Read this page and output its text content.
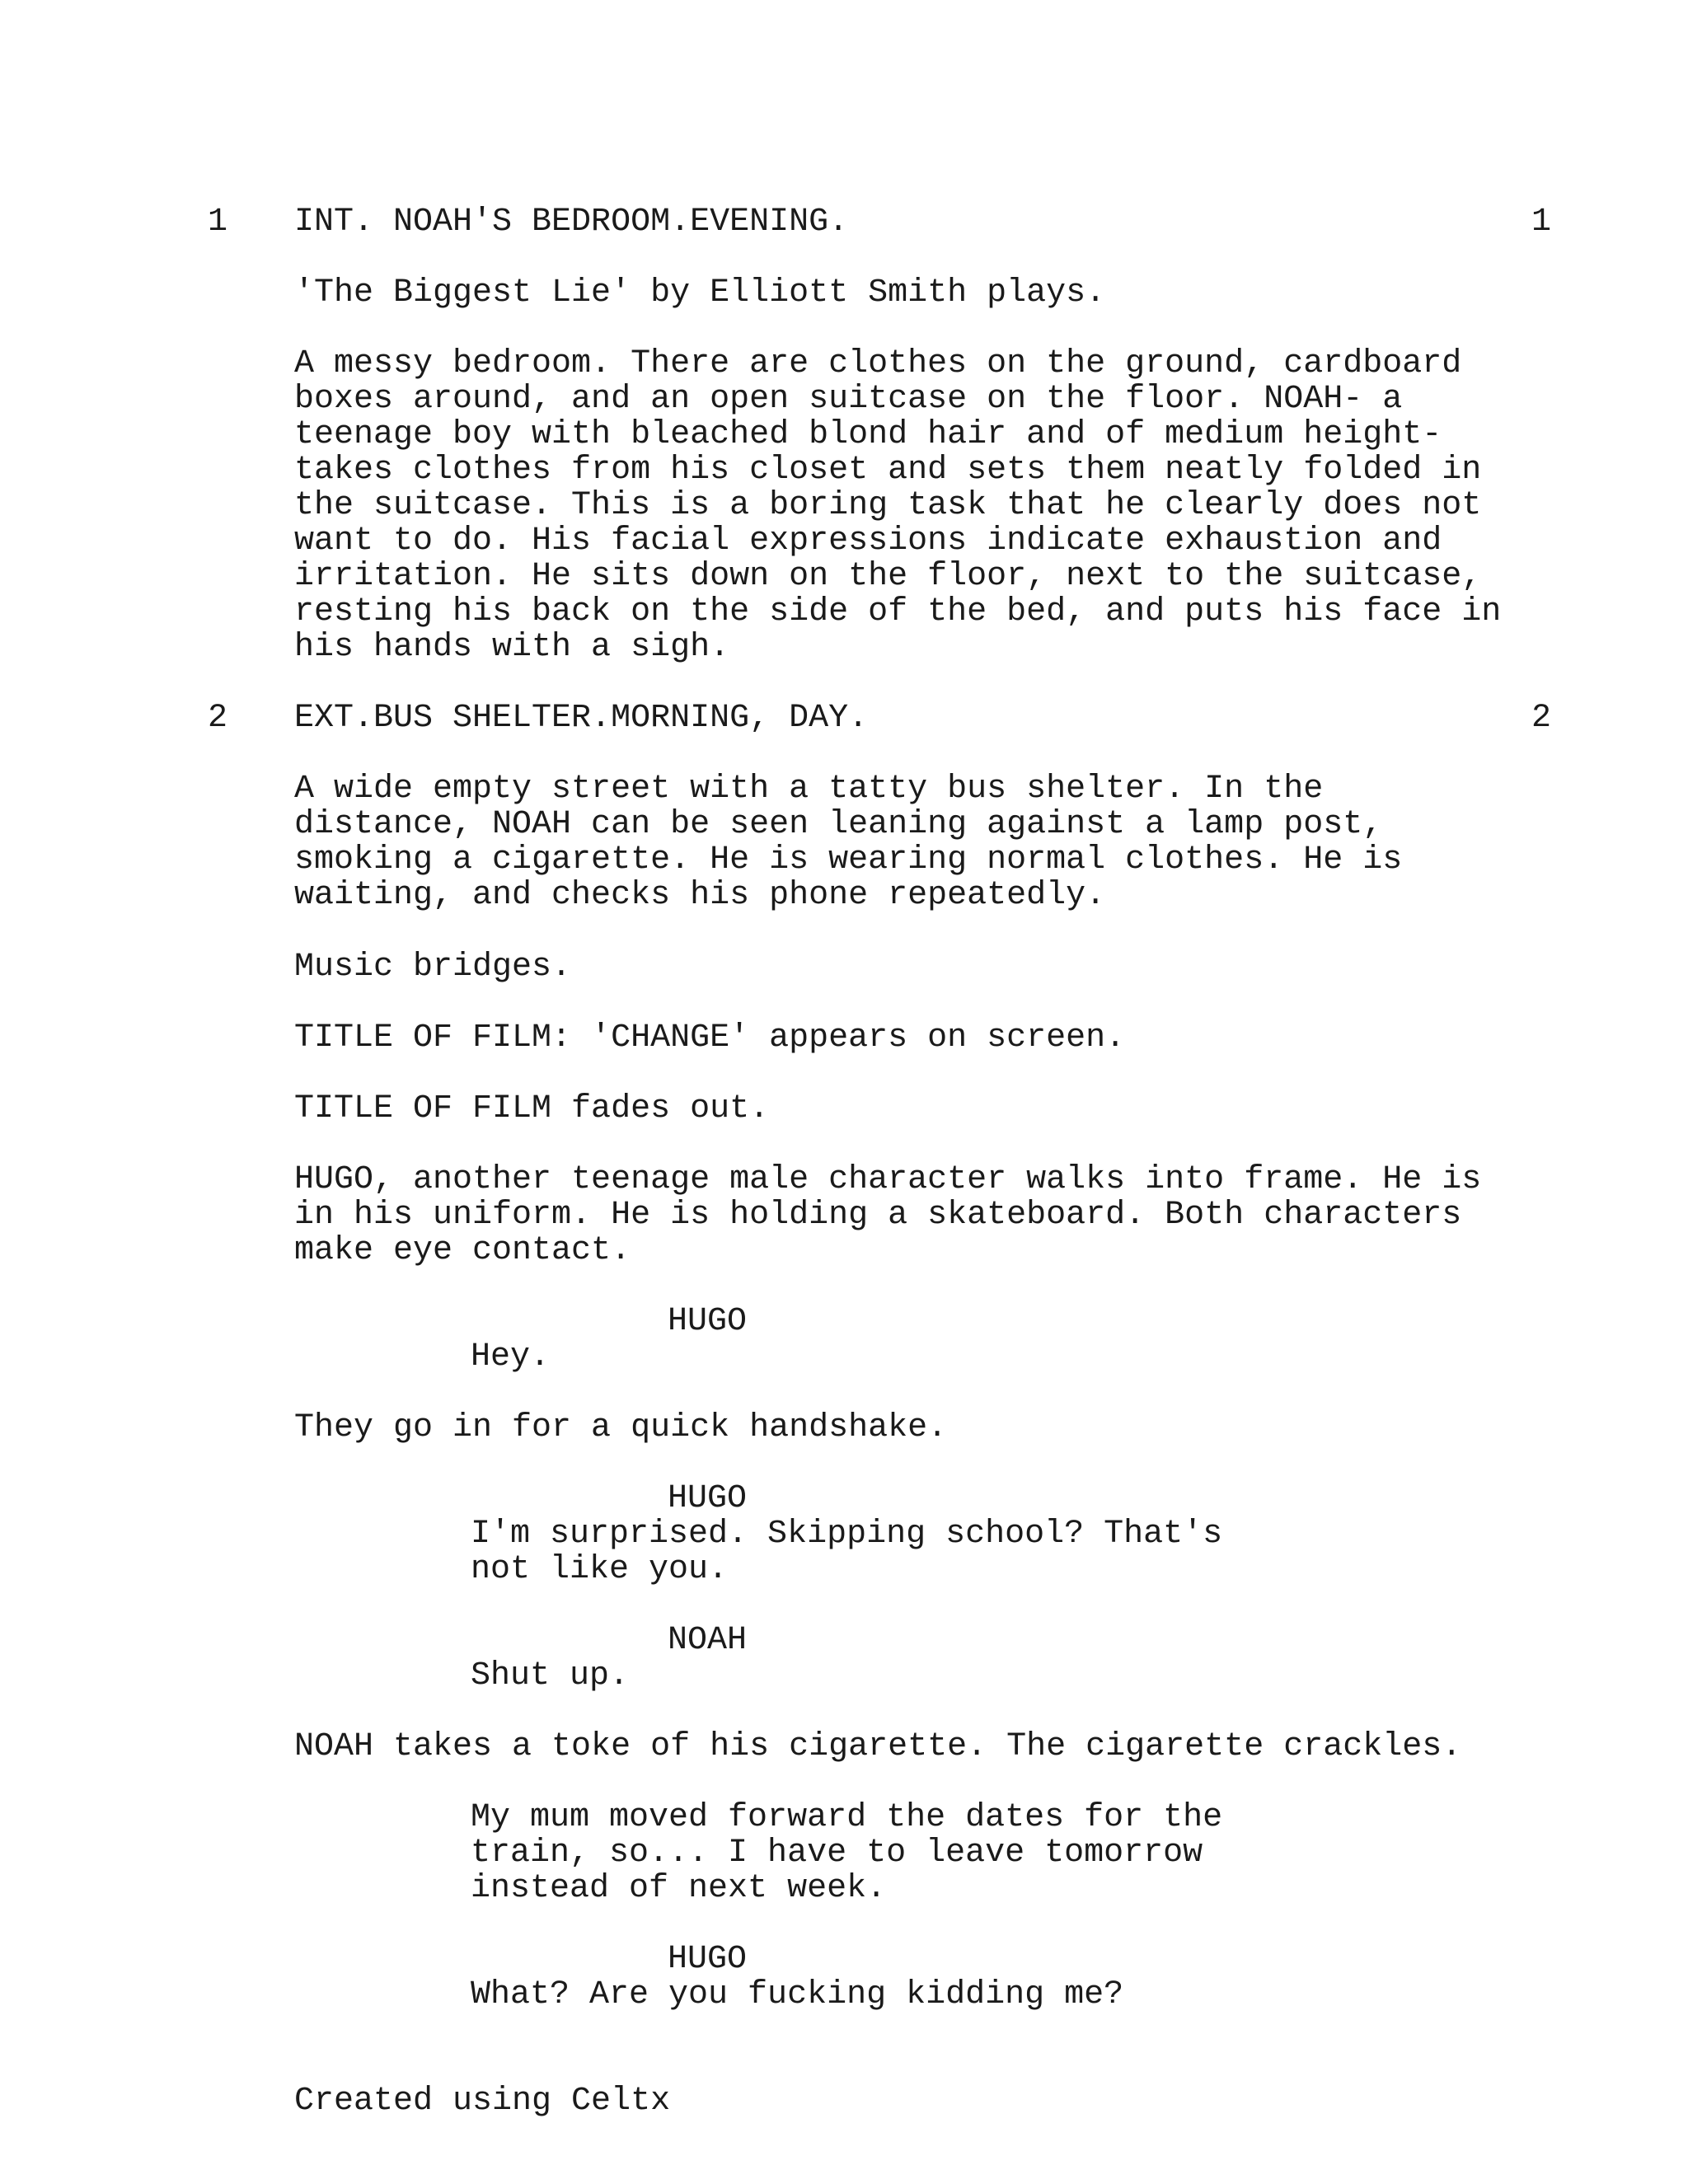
1 INT. NOAH'S BEDROOM.EVENING.	1

'The Biggest Lie' by Elliott Smith plays.

A messy bedroom. There are clothes on the ground, cardboard
boxes around, and an open suitcase on the floor. NOAH- a
teenage boy with bleached blond hair and of medium height-
takes clothes from his closet and sets them neatly folded in
the suitcase. This is a boring task that he clearly does not
want to do. His facial expressions indicate exhaustion and
irritation. He sits down on the floor, next to the suitcase,
resting his back on the side of the bed, and puts his face in
his hands with a sigh.

2 EXT.BUS SHELTER.MORNING, DAY.	2

A wide empty street with a tatty bus shelter. In the
distance, NOAH can be seen leaning against a lamp post,
smoking a cigarette. He is wearing normal clothes. He is
waiting, and checks his phone repeatedly.

Music bridges.

TITLE OF FILM: 'CHANGE' appears on screen.

TITLE OF FILM fades out.

HUGO, another teenage male character walks into frame. He is
in his uniform. He is holding a skateboard. Both characters
make eye contact.

HUGO

Hey.

They go in for a quick handshake.

HUGO

I'm surprised. Skipping school? That's
not like you.

NOAH

Shut up.

NOAH takes a toke of his cigarette. The cigarette crackles.

My mum moved forward the dates for the
train, so... I have to leave tomorrow
instead of next week.

HUGO

What? Are you fucking kidding me?

Created using Celtx
